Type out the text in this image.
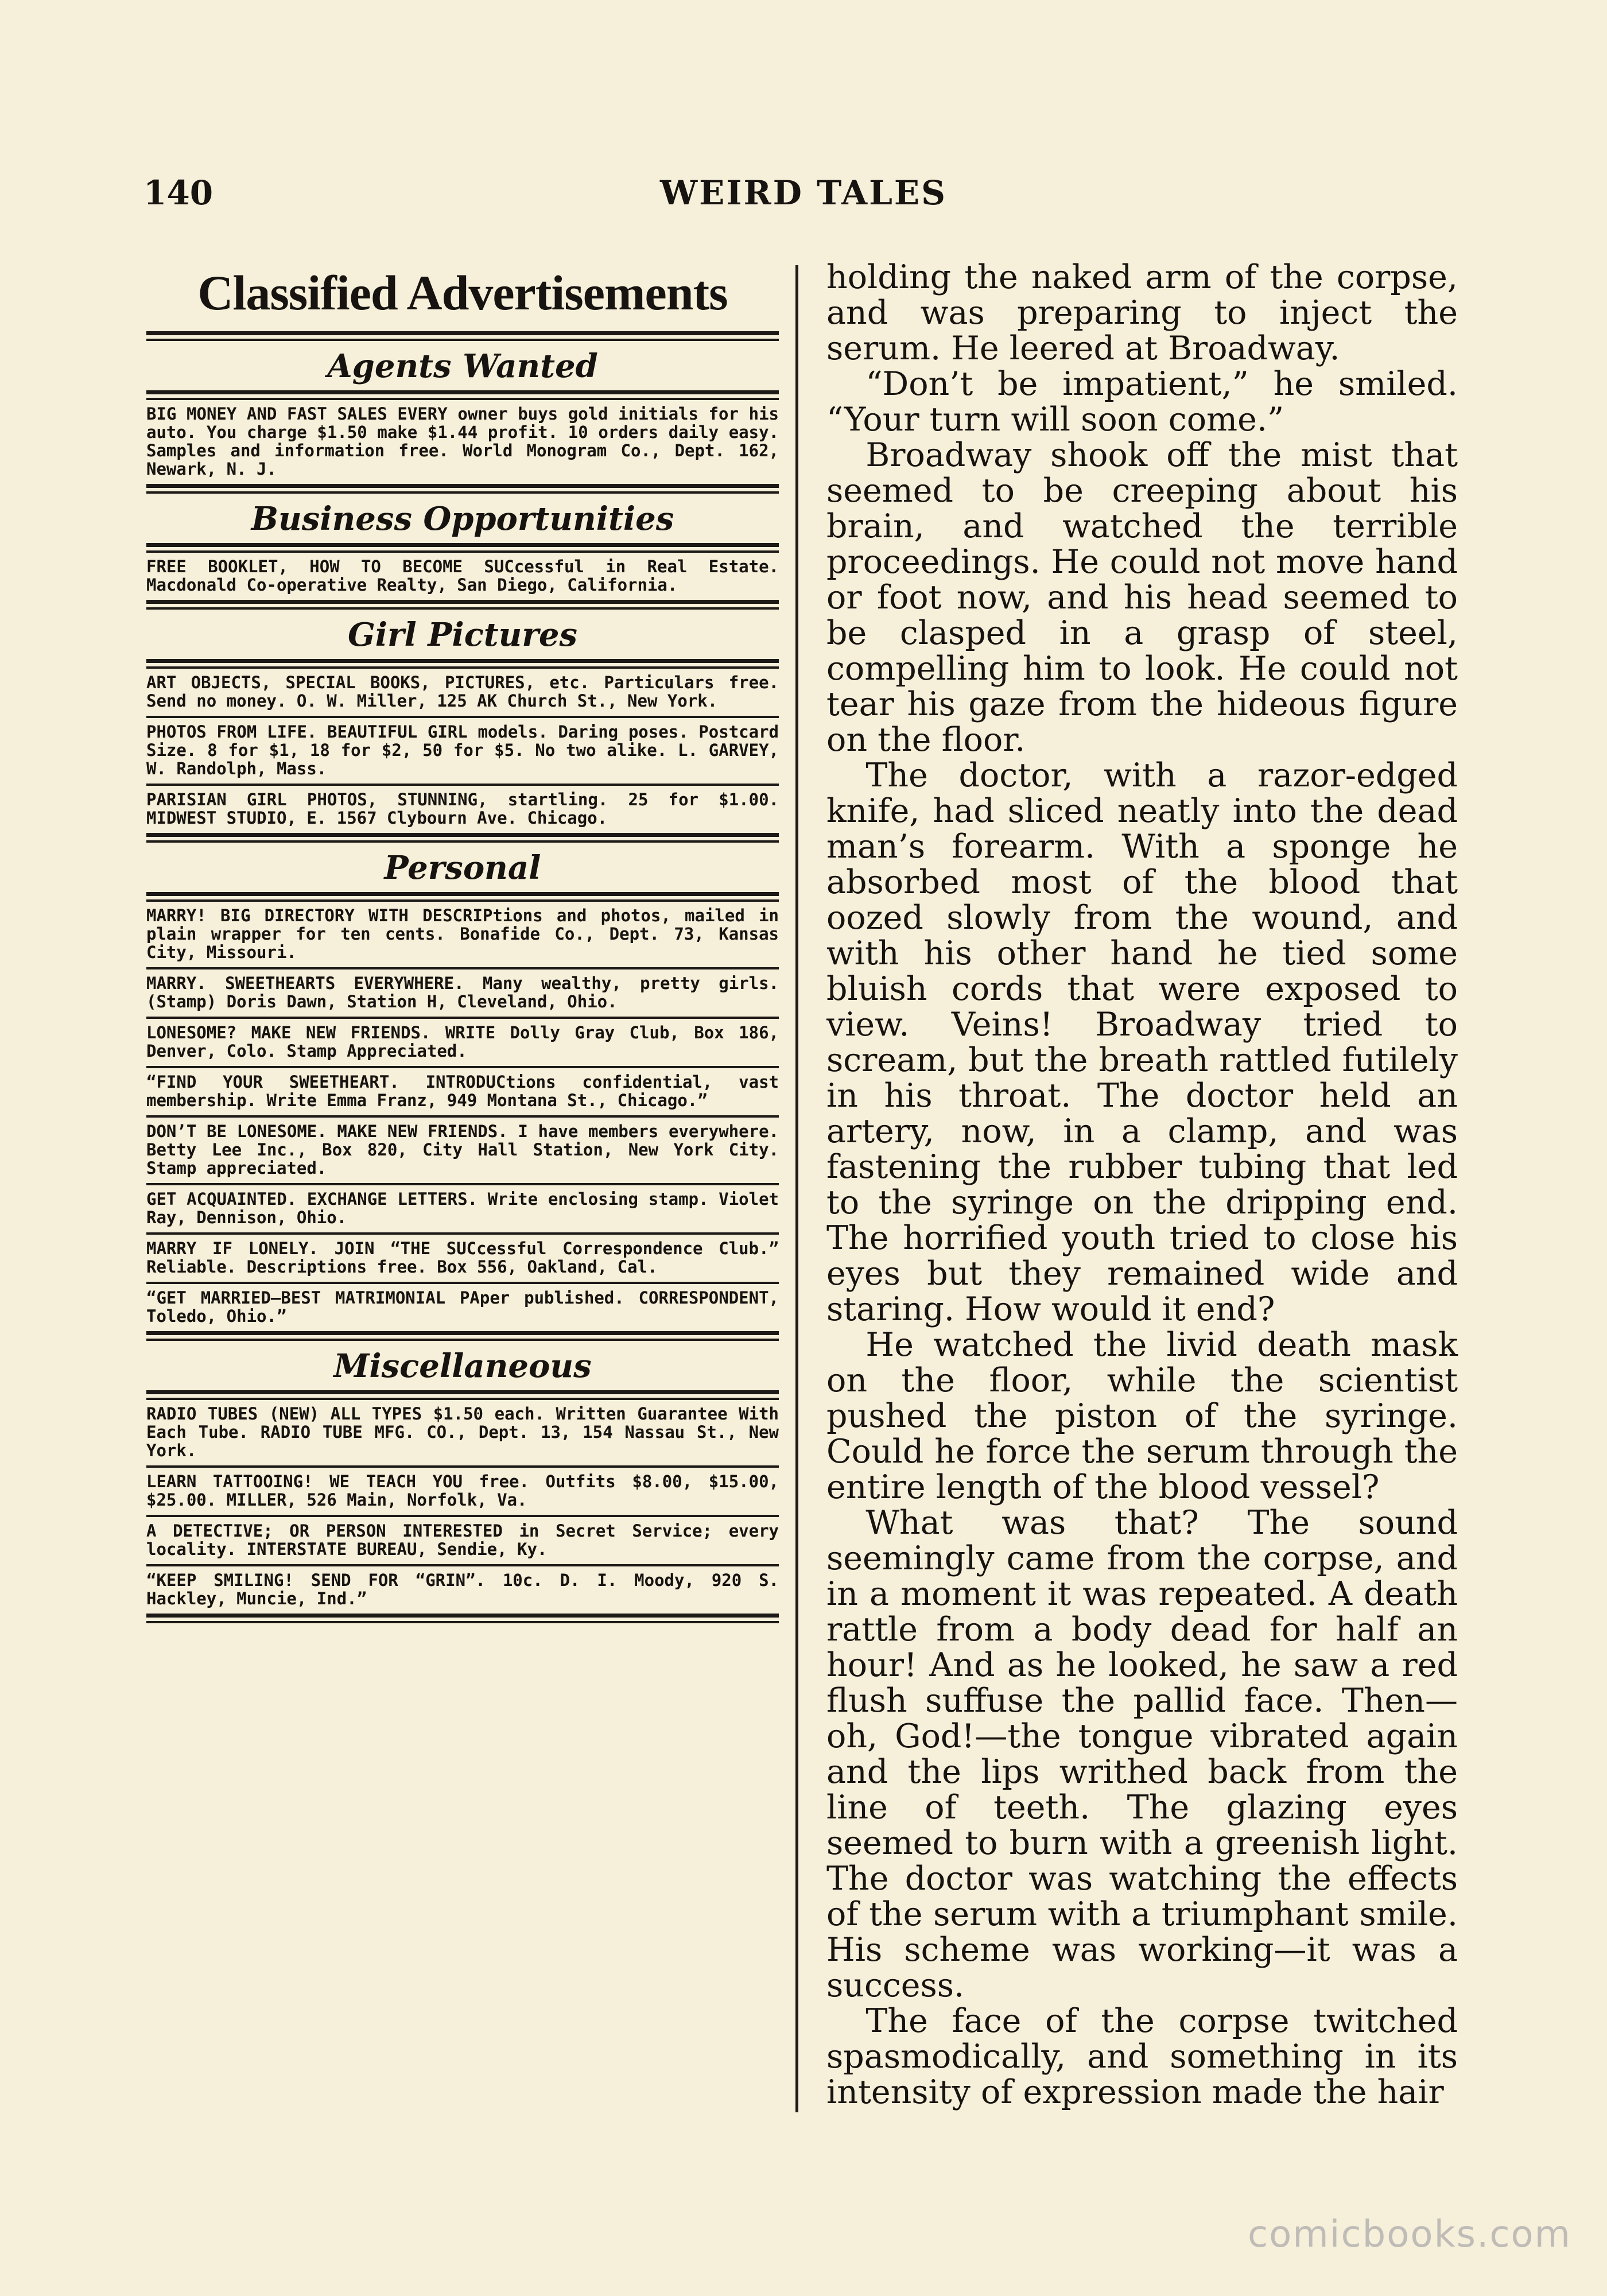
140	WEIRD TALES
Classified Advertisements
Agents Wanted
BIG MONEY AND FAST SALES EVERY owner buys gold initials for his auto. You charge $1.50 make $1.44 profit. 10 orders daily easy. Samples and information free. World Monogram Co., Dept. 162, Newark, N. J.
Business Opportunities
FREE BOOKLET, HOW TO BECOME SUCcessful in Real Estate. Macdonald Co-operative Realty, San Diego, California.
Girl Pictures
ART OBJECTS, SPECIAL BOOKS, PICTURES, etc. Particulars free. Send no money. O. W. Miller, 125 AK Church St., New York.
PHOTOS FROM LIFE. BEAUTIFUL GIRL models. Daring poses. Postcard Size. 8 for $1, 18 for $2, 50 for $5. No two alike. L. GARVEY, W. Randolph, Mass.
PARISIAN GIRL PHOTOS, STUNNING, startling. 25 for $1.00. MIDWEST STUDIO, E. 1567 Clybourn Ave. Chicago.
Personal
MARRY! BIG DIRECTORY WITH DESCRIPtions and photos, mailed in plain wrapper for ten cents. Bonafide Co., Dept. 73, Kansas City, Missouri.
MARRY. SWEETHEARTS EVERYWHERE. Many wealthy, pretty girls. (Stamp) Doris Dawn, Station H, Cleveland, Ohio.
LONESOME? MAKE NEW FRIENDS. WRITE Dolly Gray Club, Box 186, Denver, Colo. Stamp Appreciated.
“FIND YOUR SWEETHEART. INTRODUCtions confidential, vast membership. Write Emma Franz, 949 Montana St., Chicago.”
DON’T BE LONESOME. MAKE NEW FRIENDS. I have members everywhere. Betty Lee Inc., Box 820, City Hall Station, New York City. Stamp appreciated.
GET ACQUAINTED. EXCHANGE LETTERS. Write enclosing stamp. Violet Ray, Dennison, Ohio.
MARRY IF LONELY. JOIN “THE SUCcessful Correspondence Club.” Reliable. Descriptions free. Box 556, Oakland, Cal.
“GET MARRIED—BEST MATRIMONIAL PAper published. CORRESPONDENT, Toledo, Ohio.”
Miscellaneous
RADIO TUBES (NEW) ALL TYPES $1.50 each. Written Guarantee With Each Tube. RADIO TUBE MFG. CO., Dept. 13, 154 Nassau St., New York.
LEARN TATTOOING! WE TEACH YOU free. Outfits $8.00, $15.00, $25.00. MILLER, 526 Main, Norfolk, Va.
A DETECTIVE; OR PERSON INTERESTED in Secret Service; every locality. INTERSTATE BUREAU, Sendie, Ky.
“KEEP SMILING! SEND FOR “GRIN”. 10c. D. I. Moody, 920 S. Hackley, Muncie, Ind.”

holding the naked arm of the corpse, and was preparing to inject the serum. He leered at Broadway.

“Don’t be impatient,” he smiled. “Your turn will soon come.”

Broadway shook off the mist that seemed to be creeping about his brain, and watched the terrible proceedings. He could not move hand or foot now, and his head seemed to be clasped in a grasp of steel, compelling him to look. He could not tear his gaze from the hideous figure on the floor.

The doctor, with a razor-edged knife, had sliced neatly into the dead man’s forearm. With a sponge he absorbed most of the blood that oozed slowly from the wound, and with his other hand he tied some bluish cords that were exposed to view. Veins! Broadway tried to scream, but the breath rattled futilely in his throat. The doctor held an artery, now, in a clamp, and was fastening the rubber tubing that led to the syringe on the dripping end. The horrified youth tried to close his eyes but they remained wide and staring. How would it end?

He watched the livid death mask on the floor, while the scientist pushed the piston of the syringe. Could he force the serum through the entire length of the blood vessel?

What was that? The sound seemingly came from the corpse, and in a moment it was repeated. A death rattle from a body dead for half an hour! And as he looked, he saw a red flush suffuse the pallid face. Then—oh, God!—the tongue vibrated again and the lips writhed back from the line of teeth. The glazing eyes seemed to burn with a greenish light. The doctor was watching the effects of the serum with a triumphant smile. His scheme was working—it was a success.

The face of the corpse twitched spasmodically, and something in its intensity of expression made the hair

comicbooks.com
